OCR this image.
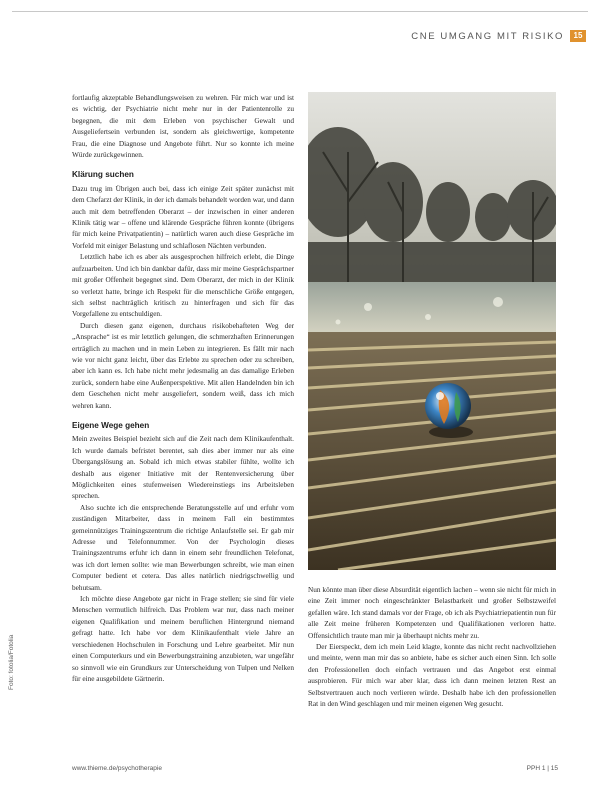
CNE UMGANG MIT RISIKO	15

fortlaufig akzeptable Behandlungsweisen zu wehren. Für mich war und ist es wichtig, der Psychiatrie nicht mehr nur in der Patientenrolle zu begegnen, die mit dem Erleben von psychischer Gewalt und Ausgeliefertsein verbunden ist, sondern als gleichwertige, kompetente Frau, die eine Diagnose und Angebote führt. Nur so konnte ich meine Würde zurückgewinnen.

Klärung suchen

Dazu trug im Übrigen auch bei, dass ich einige Zeit später zunächst mit dem Chefarzt der Klinik, in der ich damals behandelt worden war, und dann auch mit dem betreffenden Oberarzt – der inzwischen in einer anderen Klinik tätig war – offene und klärende Gespräche führen konnte (übrigens für mich keine Privatpatientin) – natürlich waren auch diese Gespräche im Vorfeld mit einiger Belastung und schlaflosen Nächten verbunden.

Letztlich habe ich es aber als ausgesprochen hilfreich erlebt, die Dinge aufzuarbeiten. Und ich bin dankbar dafür, dass mir meine Gesprächspartner mit großer Offenheit begegnet sind. Dem Oberarzt, der mich in der Klinik so verletzt hatte, bringe ich Respekt für die menschliche Größe entgegen, sich selbst nachträglich kritisch zu hinterfragen und sich für das Vorgefallene zu entschuldigen.

Durch diesen ganz eigenen, durchaus risikobehafteten Weg der „Ansprache“ ist es mir letztlich gelungen, die schmerzhaften Erinnerungen erträglich zu machen und in mein Leben zu integrieren. Es fällt mir nach wie vor nicht ganz leicht, über das Erlebte zu sprechen oder zu schreiben, aber ich kann es. Ich habe nicht mehr jedesmalig an das damalige Erleben zurück, sondern habe eine Außenperspektive. Mit allen Handelnden bin ich dem Geschehen nicht mehr ausgeliefert, sondern weiß, dass ich mich wehren kann.

Eigene Wege gehen

Mein zweites Beispiel bezieht sich auf die Zeit nach dem Klinikaufenthalt. Ich wurde damals befristet berentet, sah dies aber immer nur als eine Übergangslösung an. Sobald ich mich etwas stabiler fühlte, wollte ich deshalb aus eigener Initiative mit der Rentenversicherung über Möglichkeiten eines stufenweisen Wiedereinstiegs ins Arbeitsleben sprechen.

Also suchte ich die entsprechende Beratungsstelle auf und erfuhr vom zuständigen Mitarbeiter, dass in meinem Fall ein bestimmtes gemeinnütziges Trainingszentrum die richtige Anlaufstelle sei. Er gab mir Adresse und Telefonnummer. Von der Psychologin dieses Trainingszentrums erfuhr ich dann in einem sehr freundlichen Telefonat, was ich dort lernen sollte: wie man Bewerbungen schreibt, wie man einen Computer bedient et cetera. Das alles natürlich niedrigschwellig und behutsam.

Ich möchte diese Angebote gar nicht in Frage stellen; sie sind für viele Menschen vermutlich hilfreich. Das Problem war nur, dass nach meiner eigenen Qualifikation und meinem beruflichen Hintergrund niemand gefragt hatte. Ich habe vor dem Klinikaufenthalt viele Jahre an verschiedenen Hochschulen in Forschung und Lehre gearbeitet. Mir nun einen Computerkurs und ein Bewerbungstraining anzubieten, war ungefähr so sinnvoll wie ein Grundkurs zur Unterscheidung von Tulpen und Nelken für eine ausgebildete Gärtnerin.

Nun könnte man über diese Absurdität eigentlich lachen – wenn sie nicht für mich in eine Zeit immer noch eingeschränkter Belastbarkeit und großer Selbstzweifel gefallen wäre. Ich stand damals vor der Frage, ob ich als Psychiatriepatientin nun für alle Zeit meine früheren Kompetenzen und Qualifikationen verloren hatte. Offensichtlich traute man mir ja überhaupt nichts mehr zu.

Der Eierspeckt, dem ich mein Leid klagte, konnte das nicht recht nachvollziehen und meinte, wenn man mir das so anbiete, habe es sicher auch einen Sinn. Ich solle den Professionellen doch einfach vertrauen und das Angebot erst einmal ausprobieren. Für mich war aber klar, dass ich dann meinen letzten Rest an Selbstvertrauen auch noch verlieren würde. Deshalb habe ich den professionellen Rat in den Wind geschlagen und mir meinen eigenen Weg gesucht.

Foto: fotolia/Fotolia
www.thieme.de/psychotherapie	PPH 1 | 15
